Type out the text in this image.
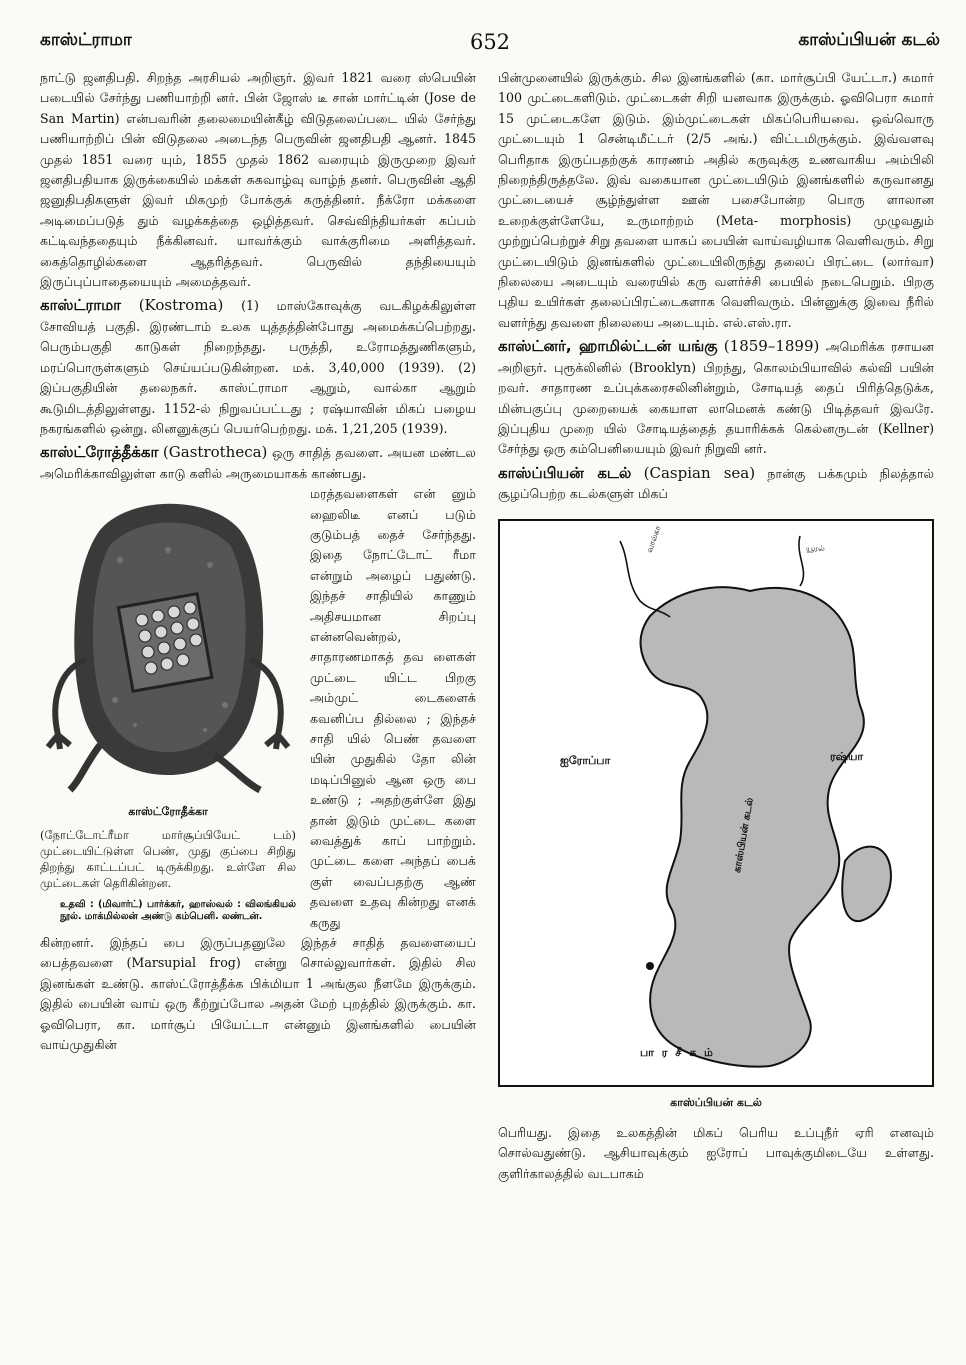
காஸ்ட்ராமா	652	காஸ்ப்பியன் கடல்

நாட்டு ஜனதிபதி. சிறந்த அரசியல் அறிஞர். இவர் 1821 வரை ஸ்பெயின் படையில் சேர்ந்து பணியாற்றி னர். பின் ஜோஸ் டீ சான் மார்ட்டின் (Jose de San Martin) என்பவரின் தலைமையின்கீழ் விடுதலைப்படை யில் சேர்ந்து பணியாற்றிப் பின் விடுதலை அடைந்த பெருவின் ஜனதிபதி ஆனர். 1845 முதல் 1851 வரை யும், 1855 முதல் 1862 வரையும் இருமுறை இவர் ஜனதிபதியாக இருக்கையில் மக்கள் சுகவாழ்வு வாழ்ந் தனர். பெருவின் ஆதி ஜனுதிபதிகளுள் இவர் மிகமுற் போக்குக் கருத்தினர். நீக்ரோ மக்களை அடிமைப்படுத் தும் வழக்கத்தை ஒழித்தவர். செவ்விந்தியர்கள் கப்பம் கட்டிவந்ததையும் நீக்கினவர். யாவர்க்கும் வாக்குரிமை அளித்தவர். கைத்தொழில்களை ஆதரித்தவர். பெருவில் தந்தியையும் இருப்புப்பாதையையும் அமைத்தவர்.

காஸ்ட்ராமா (Kostroma) (1) மாஸ்கோவுக்கு வடகிழக்கிலுள்ள சோவியத் பகுதி. இரண்டாம் உலக யுத்தத்தின்போது அமைக்கப்பெற்றது. பெரும்பகுதி காடுகள் நிறைந்தது. பருத்தி, உரோமத்துணிகளும், மரப்பொருள்களும் செய்யப்படுகின்றன. மக். 3,40,000 (1939). (2) இப்பகுதியின் தலைநகர். காஸ்ட்ராமா ஆறும், வால்கா ஆறும் கூடுமிடத்திலுள்ளது. 1152-ல் நிறுவப்பட்டது ; ரஷ்யாவின் மிகப் பழைய நகரங்களில் ஒன்று. லினனுக்குப் பெயர்பெற்றது. மக். 1,21,205 (1939).

காஸ்ட்ரோத்தீக்கா (Gastrotheca) ஒரு சாதித் தவளை. அயன மண்டல அமெரிக்காவிலுள்ள காடு களில் அருமையாகக் காண்பது.

காஸ்ட்ரோதீக்கா
(நோட்டோட்ரீமா மார்சூப்பியேட் டம்) முட்டையிட்டுள்ள பெண், முது குப்பை சிறிது திறந்து காட்டப்பட் டிருக்கிறது. உள்ளே சில முட்டைகள் தெரிகின்றன.
உதவி : (மிவார்ட்) பார்க்கர், ஹாஸ்வல் : விலங்கியல் நூல். மாக்மில்லன் அண்டு கம்பெனி. லண்டன்.

மரத்தவளைகள் என் னும் ஹைலிடீ எனப் படும் குடும்பத் தைச் சேர்ந்தது. இதை நோட்டோட் ரீமா என்றும் அழைப் பதுண்டு. இந்தச் சாதியில் காணும் அதிசயமான சிறப்பு என்னவென்றல், சாதாரணமாகத் தவ ளைகள் முட்டை யிட்ட பிறகு அம்முட் டைகளைக் கவனிப்ப தில்லை ; இந்தச் சாதி யில் பெண் தவளை யின் முதுகில் தோ லின் மடிப்பினுல் ஆன ஒரு பை உண்டு ; அதற்குள்ளே இது தான் இடும் முட்டை களை வைத்துக் காப் பாற்றும். முட்டை களை அந்தப் பைக் குள் வைப்பதற்கு ஆண் தவளை உதவு கின்றது எனக் கருது

கின்றனர். இந்தப் பை இருப்பதனுலே இந்தச் சாதித் தவளையைப் பைத்தவளை (Marsupial frog) என்று சொல்லுவார்கள். இதில் சில இனங்கள் உண்டு. காஸ்ட்ரோத்தீக்க பிக்மியா 1 அங்குல நீளமே இருக்கும். இதில் பையின் வாய் ஒரு கீற்றுப்போல அதன் மேற் புறத்தில் இருக்கும். கா. ஓவிபெரா, கா. மார்சூப் பியேட்டா என்னும் இனங்களில் பையின் வாய்முதுகின்

பின்முனையில் இருக்கும். சில இனங்களில் (கா. மார்சூப்பி யேட்டா.) சுமார் 100 முட்டைகளிடும். முட்டைகள் சிறி யனவாக இருக்கும். ஓவிபெரா சுமார் 15 முட்டைகளே இடும். இம்முட்டைகள் மிகப்பெரியவை. ஒவ்வொரு முட்டையும் 1 சென்டிமீட்டர் (2/5 அங்.) விட்டமிருக்கும். இவ்வளவு பெரிதாக இருப்பதற்குக் காரணம் அதில் கருவுக்கு உணவாகிய அம்பிலி நிறைந்திருத்தலே. இவ் வகையான முட்டையிடும் இனங்களில் கருவானது முட்டையைச் சூழ்ந்துள்ள ஊன் பசைபோன்ற பொரு ளாலான உறைக்குள்ளேயே, உருமாற்றம் (Meta- morphosis) முழுவதும் முற்றுப்பெற்றுச் சிறு தவளை யாகப் பையின் வாய்வழியாக வெளிவரும். சிறு முட்டையிடும் இனங்களில் முட்டையிலிருந்து தலைப் பிரட்டை (லார்வா) நிலையை அடையும் வரையில் கரு வளர்ச்சி பையில் நடைபெறும். பிறகு புதிய உயிர்கள் தலைப்பிரட்டைகளாக வெளிவரும். பின்னுக்கு இவை நீரில் வளர்ந்து தவளை நிலையை அடையும். எல்.எஸ்.ரா.

காஸ்ட்னர், ஹாமில்ட்டன் யங்கு (1859–1899) அமெரிக்க ரசாயன அறிஞர். புரூக்லினில் (Brooklyn) பிறந்து, கொலம்பியாவில் கல்வி பயின் றவர். சாதாரண உப்புக்கரைசலினின்றும், சோடியத் தைப் பிரித்தெடுக்க, மின்பகுப்பு முறையைக் கையாள லாமெனக் கண்டு பிடித்தவர் இவரே. இப்புதிய முறை யில் சோடியத்தைத் தயாரிக்கக் கெல்னருடன் (Kellner) சேர்ந்து ஒரு கம்பெனியையும் இவர் நிறுவி னர்.

காஸ்ப்பியன் கடல் (Caspian sea) நான்கு பக்கமும் நிலத்தால் சூழப்பெற்ற கடல்களுள் மிகப்

ஐரோப்பா	ரஷ்யா
பா ர சீ க ம்
காஸ்பியன் கடல்
வால்கா	யூரல்
காஸ்ப்பியன் கடல்

பெரியது. இதை உலகத்தின் மிகப் பெரிய உப்புநீர் ஏரி எனவும் சொல்வதுண்டு. ஆசியாவுக்கும் ஐரோப் பாவுக்குமிடையே உள்ளது. குளிர்காலத்தில் வடபாகம்
